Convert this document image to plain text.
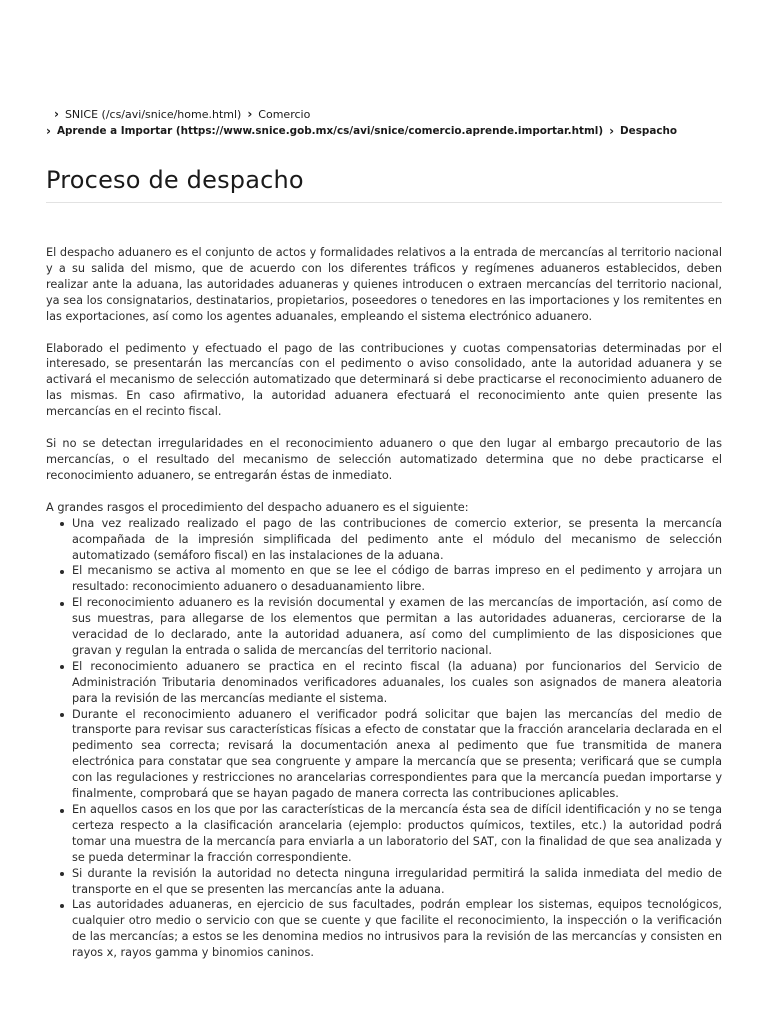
› SNICE (/cs/avi/snice/home.html) › Comercio
› Aprende a Importar (https://www.snice.gob.mx/cs/avi/snice/comercio.aprende.importar.html) › Despacho
Proceso de despacho

El despacho aduanero es el conjunto de actos y formalidades relativos a la entrada de mercancías al territorio nacional y a su salida del mismo, que de acuerdo con los diferentes tráficos y regímenes aduaneros establecidos, deben realizar ante la aduana, las autoridades aduaneras y quienes introducen o extraen mercancías del territorio nacional, ya sea los consignatarios, destinatarios, propietarios, poseedores o tenedores en las importaciones y los remitentes en las exportaciones, así como los agentes aduanales, empleando el sistema electrónico aduanero.

Elaborado el pedimento y efectuado el pago de las contribuciones y cuotas compensatorias determinadas por el interesado, se presentarán las mercancías con el pedimento o aviso consolidado, ante la autoridad aduanera y se activará el mecanismo de selección automatizado que determinará si debe practicarse el reconocimiento aduanero de las mismas. En caso afirmativo, la autoridad aduanera efectuará el reconocimiento ante quien presente las mercancías en el recinto fiscal.

Si no se detectan irregularidades en el reconocimiento aduanero o que den lugar al embargo precautorio de las mercancías, o el resultado del mecanismo de selección automatizado determina que no debe practicarse el reconocimiento aduanero, se entregarán éstas de inmediato.

A grandes rasgos el procedimiento del despacho aduanero es el siguiente:

Una vez realizado realizado el pago de las contribuciones de comercio exterior, se presenta la mercancía acompañada de la impresión simplificada del pedimento ante el módulo del mecanismo de selección automatizado (semáforo fiscal) en las instalaciones de la aduana.
El mecanismo se activa al momento en que se lee el código de barras impreso en el pedimento y arrojara un resultado: reconocimiento aduanero o desaduanamiento libre.
El reconocimiento aduanero es la revisión documental y examen de las mercancías de importación, así como de sus muestras, para allegarse de los elementos que permitan a las autoridades aduaneras, cerciorarse de la veracidad de lo declarado, ante la autoridad aduanera, así como del cumplimiento de las disposiciones que gravan y regulan la entrada o salida de mercancías del territorio nacional.
El reconocimiento aduanero se practica en el recinto fiscal (la aduana) por funcionarios del Servicio de Administración Tributaria denominados verificadores aduanales, los cuales son asignados de manera aleatoria para la revisión de las mercancías mediante el sistema.
Durante el reconocimiento aduanero el verificador podrá solicitar que bajen las mercancías del medio de transporte para revisar sus características físicas a efecto de constatar que la fracción arancelaria declarada en el pedimento sea correcta; revisará la documentación anexa al pedimento que fue transmitida de manera electrónica para constatar que sea congruente y ampare la mercancía que se presenta; verificará que se cumpla con las regulaciones y restricciones no arancelarias correspondientes para que la mercancía puedan importarse y finalmente, comprobará que se hayan pagado de manera correcta las contribuciones aplicables.
En aquellos casos en los que por las características de la mercancía ésta sea de difícil identificación y no se tenga certeza respecto a la clasificación arancelaria (ejemplo: productos químicos, textiles, etc.) la autoridad podrá tomar una muestra de la mercancía para enviarla a un laboratorio del SAT, con la finalidad de que sea analizada y se pueda determinar la fracción correspondiente.
Si durante la revisión la autoridad no detecta ninguna irregularidad permitirá la salida inmediata del medio de transporte en el que se presenten las mercancías ante la aduana.
Las autoridades aduaneras, en ejercicio de sus facultades, podrán emplear los sistemas, equipos tecnológicos, cualquier otro medio o servicio con que se cuente y que facilite el reconocimiento, la inspección o la verificación de las mercancías; a estos se les denomina medios no intrusivos para la revisión de las mercancías y consisten en rayos x, rayos gamma y binomios caninos.
